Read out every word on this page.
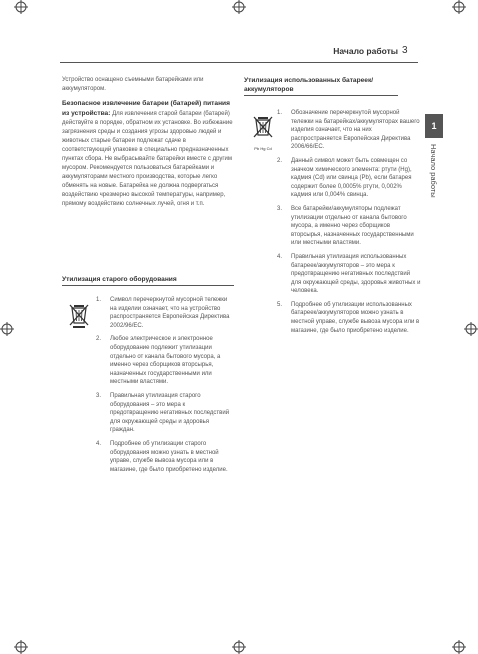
Начало работы 3
1
Начало работы

Устройство оснащено съемными батарейками или аккумулятором.

Безопасное извлечение батареи (батарей) питания из устройства: Для извлечения старой батареи (батарей) действуйте в порядке, обратном их установке. Во избежание загрязнения среды и создания угрозы здоровью людей и животных старые батареи подлежат сдаче в соответствующий упаковке в специально предназначенных пунктах сбора. Не выбрасывайте батарейки вместе с другим мусором. Рекомендуется пользоваться батарейками и аккумуляторами местного производства, которые легко обменять на новые. Батарейка не должна подвергаться воздействию чрезмерно высокой температуры, например, прямому воздействию солнечных лучей, огня и т.п.

Утилизация старого оборудования
1. Символ перечеркнутой мусорной тележки на изделии означает, что на устройство распространяется Европейская Директива 2002/96/ЕС.
2. Любое электрическое и электронное оборудование подлежит утилизации отдельно от канала бытового мусора, а именно через сборщиков вторсырья, назначенных государственными или местными властями.
3. Правильная утилизация старого оборудования – это мера к предотвращению негативных последствий для окружающей среды и здоровья граждан.
4. Подробнее об утилизации старого оборудования можно узнать в местной управе, службе вывоза мусора или в магазине, где было приобретено изделие.
Утилизация использованных батареек/аккумуляторов
Pb Hg Cd
1. Обозначение перечеркнутой мусорной тележки на батарейках/аккумуляторах вашего изделия означает, что на них распространяется Европейская Директива 2006/66/EC.
2. Данный символ может быть совмещен со значком химического элемента: ртути (Hg), кадмия (Cd) или свинца (Pb), если батарея содержит более 0,0005% ртути, 0,002% кадмия или 0,004% свинца.
3. Все батарейки/аккумуляторы подлежат утилизации отдельно от канала бытового мусора, а именно через сборщиков вторсырья, назначенных государственными или местными властями.
4. Правильная утилизация использованных батареек/аккумуляторов – это мера к предотвращению негативных последствий для окружающей среды, здоровья животных и человека.
5. Подробнее об утилизации использованных батареек/аккумуляторов можно узнать в местной управе, службе вывоза мусора или в магазине, где было приобретено изделие.
